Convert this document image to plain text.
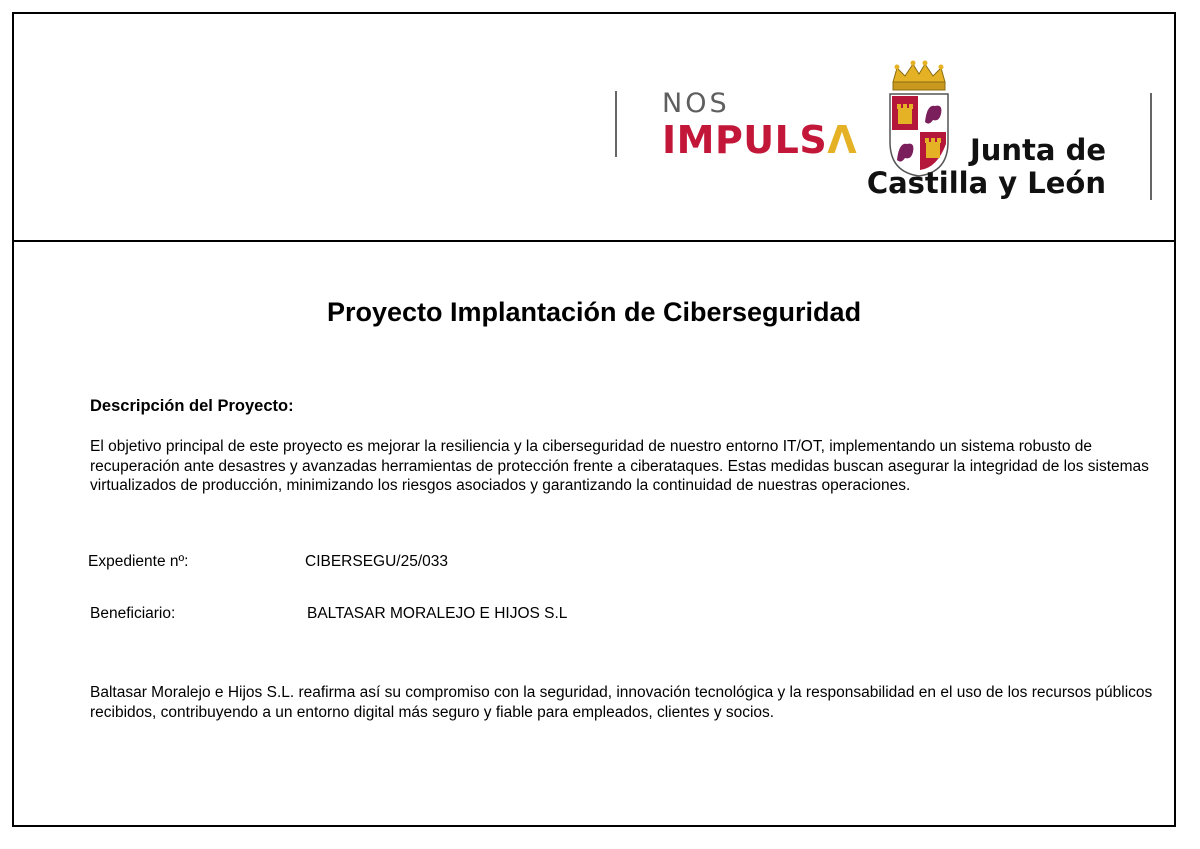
NOS
IMPULSΛ	Junta de
Castilla y León
Proyecto Implantación de Ciberseguridad
Descripción del Proyecto:
El objetivo principal de este proyecto es mejorar la resiliencia y la ciberseguridad de nuestro entorno IT/OT, implementando un sistema robusto de recuperación ante desastres y avanzadas herramientas de protección frente a ciberataques. Estas medidas buscan asegurar la integridad de los sistemas virtualizados de producción, minimizando los riesgos asociados y garantizando la continuidad de nuestras operaciones.
Expediente nº:	CIBERSEGU/25/033
Beneficiario:	BALTASAR MORALEJO E HIJOS S.L
Baltasar Moralejo e Hijos S.L. reafirma así su compromiso con la seguridad, innovación tecnológica y la responsabilidad en el uso de los recursos públicos recibidos, contribuyendo a un entorno digital más seguro y fiable para empleados, clientes y socios.
